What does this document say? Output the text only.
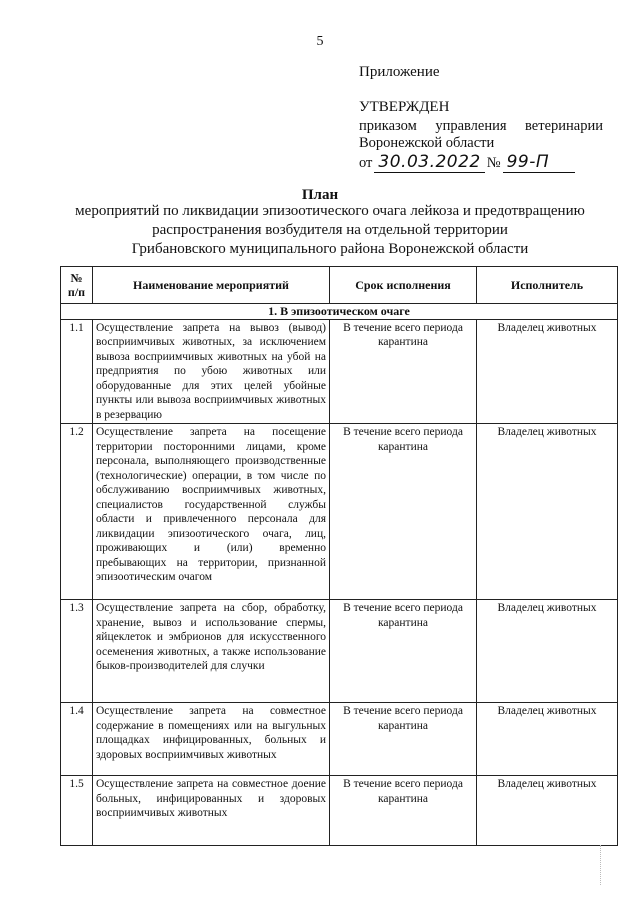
5
Приложение
УТВЕРЖДЕН
приказом управления ветеринарии
Воронежской области
от 30.03.2022 № 99-П
План
мероприятий по ликвидации эпизоотического очага лейкоза и предотвращению
распространения возбудителя на отдельной территории
Грибановского муниципального района Воронежской области
№ п/п	Наименование мероприятий	Срок исполнения	Исполнитель
1. В эпизоотическом очаге			
1.1	Осуществление запрета на вывоз (вывод) восприимчивых животных, за исключением вывоза восприимчивых животных на убой на предприятия по убою животных или оборудованные для этих целей убойные пункты или вывоза восприимчивых животных в резервацию	В течение всего периода карантина	Владелец животных
1.2	Осуществление запрета на посещение территории посторонними лицами, кроме персонала, выполняющего производственные (технологические) операции, в том числе по обслуживанию восприимчивых животных, специалистов государственной службы области и привлеченного персонала для ликвидации эпизоотического очага, лиц, проживающих и (или) временно пребывающих на территории, признанной эпизоотическим очагом	В течение всего периода карантина	Владелец животных
1.3	Осуществление запрета на сбор, обработку, хранение, вывоз и использование спермы, яйцеклеток и эмбрионов для искусственного осеменения животных, а также использование быков-производителей для случки	В течение всего периода карантина	Владелец животных
1.4	Осуществление запрета на совместное содержание в помещениях или на выгульных площадках инфицированных, больных и здоровых восприимчивых животных	В течение всего периода карантина	Владелец животных
1.5	Осуществление запрета на совместное доение больных, инфицированных и здоровых восприимчивых животных	В течение всего периода карантина	Владелец животных
